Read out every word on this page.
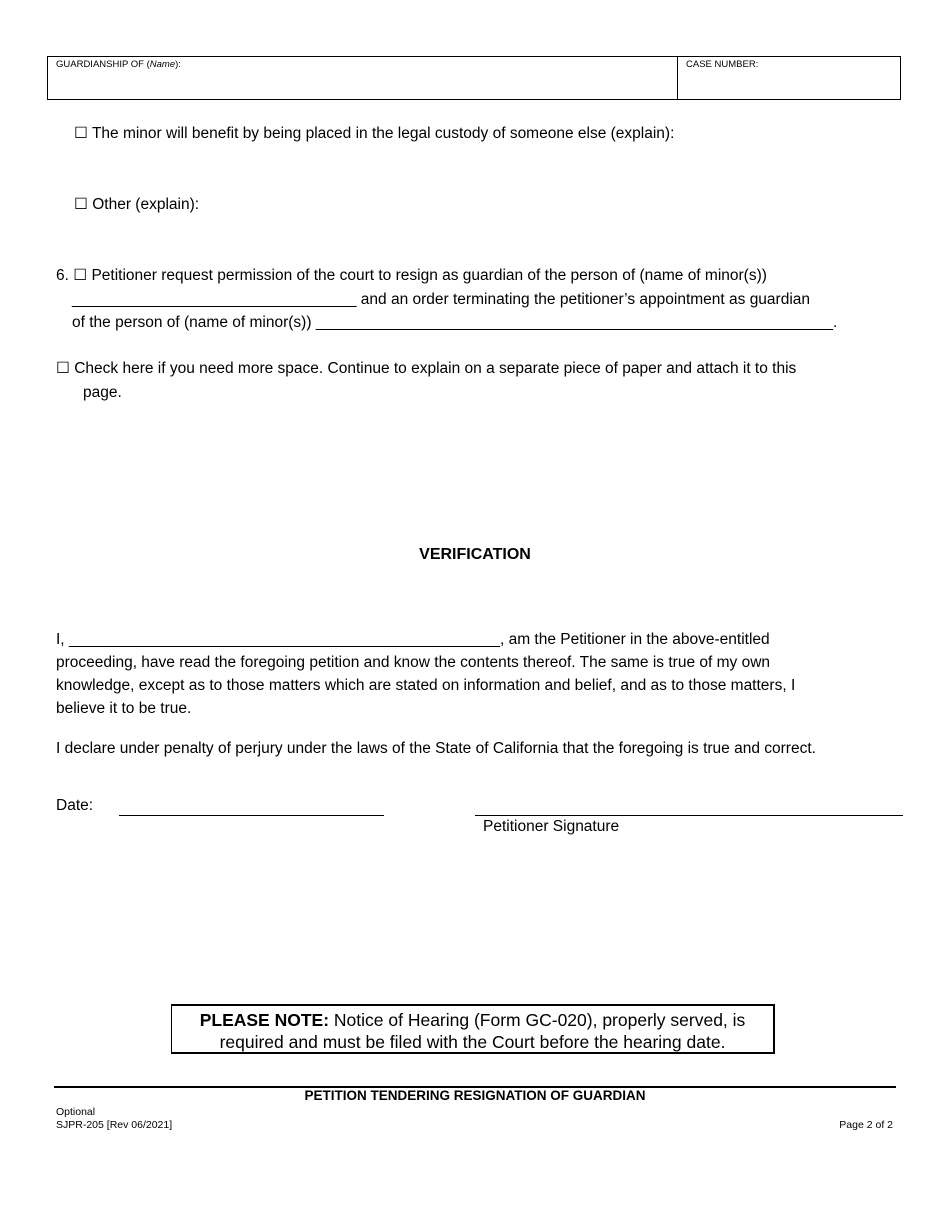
GUARDIANSHIP OF (Name):	CASE NUMBER:
☐ The minor will benefit by being placed in the legal custody of someone else (explain):
☐ Other (explain):
6. ☐ Petitioner request permission of the court to resign as guardian of the person of (name of minor(s))
_________________________________ and an order terminating the petitioner’s appointment as guardian
of the person of (name of minor(s)) ____________________________________________________________.
☐ Check here if you need more space. Continue to explain on a separate piece of paper and attach it to this
page.
VERIFICATION
I, __________________________________________________, am the Petitioner in the above-entitled
proceeding, have read the foregoing petition and know the contents thereof. The same is true of my own
knowledge, except as to those matters which are stated on information and belief, and as to those matters, I
believe it to be true.
I declare under penalty of perjury under the laws of the State of California that the foregoing is true and correct.
Date:
Petitioner Signature
PLEASE NOTE: Notice of Hearing (Form GC-020), properly served, is
required and must be filed with the Court before the hearing date.
PETITION TENDERING RESIGNATION OF GUARDIAN
Optional
SJPR-205 [Rev 06/2021]	Page 2 of 2
